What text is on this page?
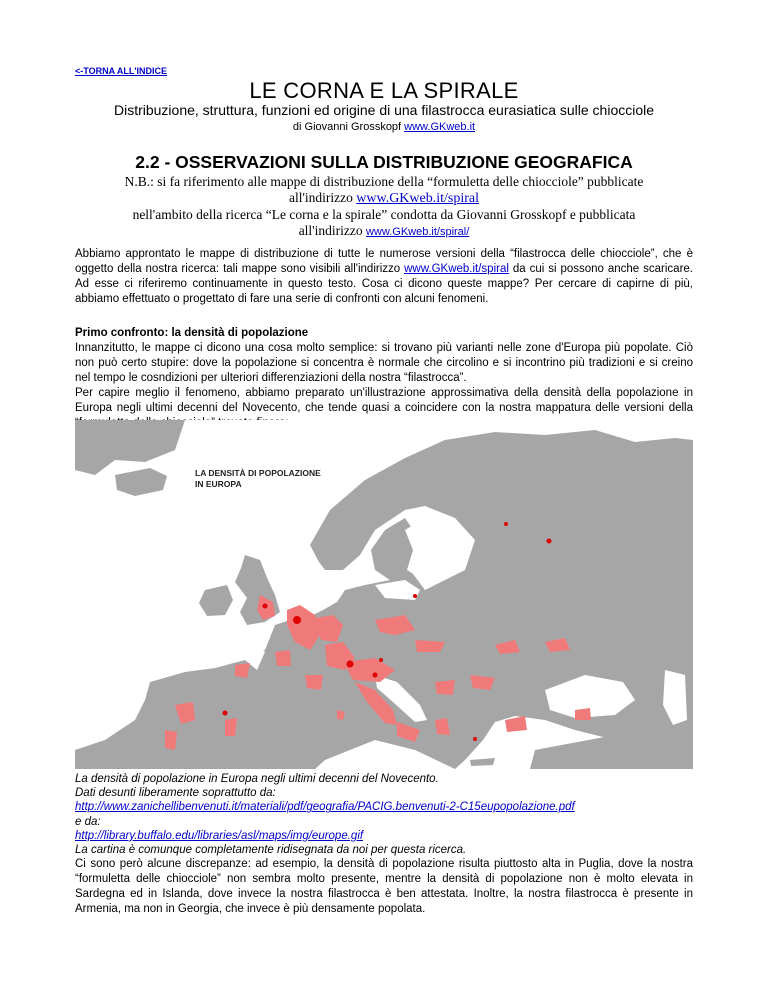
<-TORNA ALL'INDICE
LE CORNA E LA SPIRALE
Distribuzione, struttura, funzioni ed origine di una filastrocca eurasiatica sulle chiocciole
di Giovanni Grosskopf www.GKweb.it
2.2 - OSSERVAZIONI SULLA DISTRIBUZIONE GEOGRAFICA
N.B.: si fa riferimento alle mappe di distribuzione della “formuletta delle chiocciole” pubblicate
all'indirizzo www.GKweb.it/spiral
nell'ambito della ricerca “Le corna e la spirale” condotta da Giovanni Grosskopf e pubblicata
all'indirizzo www.GKweb.it/spiral/

Abbiamo approntato le mappe di distribuzione di tutte le numerose versioni della “filastrocca delle chiocciole”, che è oggetto della nostra ricerca: tali mappe sono visibili all'indirizzo www.GKweb.it/spiral da cui si possono anche scaricare. Ad esse ci riferiremo continuamente in questo testo. Cosa ci dicono queste mappe? Per cercare di capirne di più, abbiamo effettuato o progettato di fare una serie di confronti con alcuni fenomeni.

Primo confronto: la densità di popolazione
Innanzitutto, le mappe ci dicono una cosa molto semplice: si trovano più varianti nelle zone d'Europa più popolate. Ciò non può certo stupire: dove la popolazione si concentra è normale che circolino e si incontrino più tradizioni e si creino nel tempo le cosndizioni per ulteriori differenziazioni della nostra “filastrocca”.
Per capire meglio il fenomeno, abbiamo preparato un'illustrazione approssimativa della densità della popolazione in Europa negli ultimi decenni del Novecento, che tende quasi a coincidere con la nostra mappatura delle versioni della

LA DENSITÀ DI POPOLAZIONE
IN EUROPA
La densità di popolazione in Europa negli ultimi decenni del Novecento.
Dati desunti liberamente soprattutto da:
http://www.zanichellibenvenuti.it/materiali/pdf/geografia/PACIG.benvenuti-2-C15eupopolazione.pdf
e da:
http://library.buffalo.edu/libraries/asl/maps/img/europe.gif
La cartina è comunque completamente ridisegnata da noi per questa ricerca.

Ci sono però alcune discrepanze: ad esempio, la densità di popolazione risulta piuttosto alta in Puglia, dove la nostra “formuletta delle chiocciole” non sembra molto presente, mentre la densità di popolazione non è molto elevata in Sardegna ed in Islanda, dove invece la nostra filastrocca è ben attestata. Inoltre, la nostra filastrocca è presente in Armenia, ma non in Georgia, che invece è più densamente popolata.
